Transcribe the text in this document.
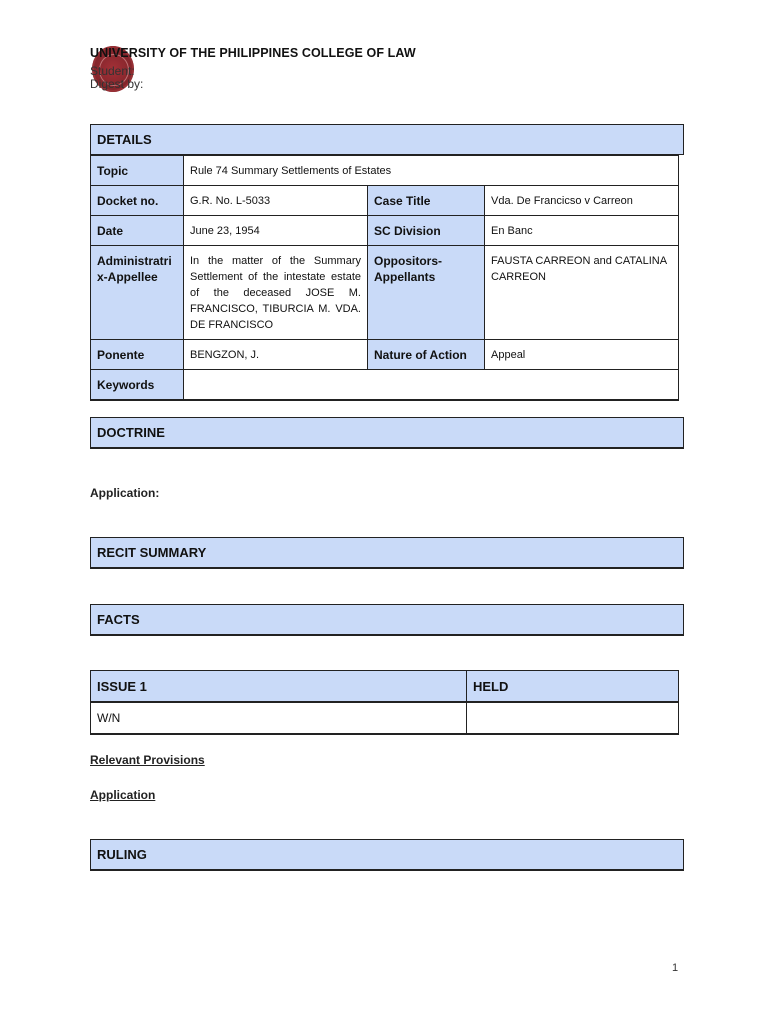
UNIVERSITY OF THE PHILIPPINES COLLEGE OF LAW
Student:
Digest by:
DETAILS
Topic	Rule 74 Summary Settlements of Estates		
Docket no.	G.R. No. L-5033	Case Title	Vda. De Francicso v Carreon
Date	June 23, 1954	SC Division	En Banc
Administratrix-Appellee	In the matter of the Summary Settlement of the intestate estate of the deceased JOSE M. FRANCISCO, TIBURCIA M. VDA. DE FRANCISCO	Oppositors-Appellants	FAUSTA CARREON and CATALINA CARREON
Ponente	BENGZON, J.	Nature of Action	Appeal
Keywords			
DOCTRINE
Application:
RECIT SUMMARY
FACTS
ISSUE 1	HELD
W/N	
Relevant Provisions
Application
RULING
1
